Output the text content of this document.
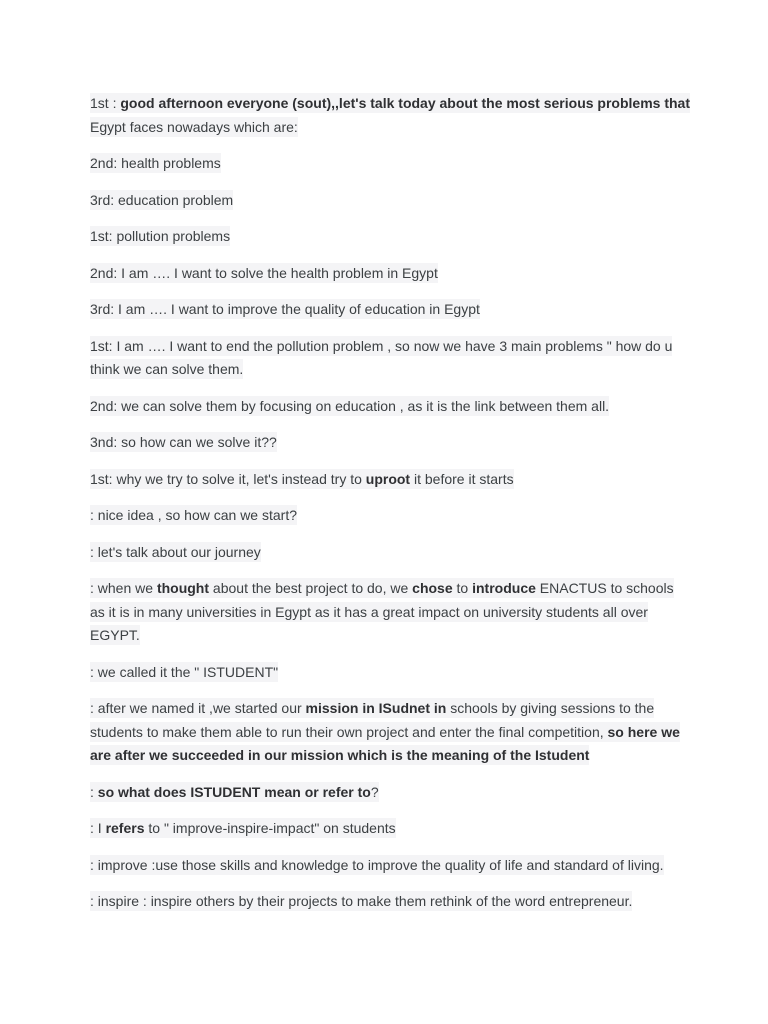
1st : good afternoon everyone (sout),,let's talk today about the most serious problems that Egypt faces nowadays which are:

2nd: health problems

3rd: education problem

1st: pollution problems

2nd: I am …. I want to solve the health problem in Egypt

3rd: I am …. I want to improve the quality of education in Egypt

1st: I am …. I want to end the pollution problem , so now we have 3 main problems " how do u think we can solve them.

2nd: we can solve them by focusing on education , as it is the link between them all.

3nd: so how can we solve it??

1st: why we try to solve it, let's instead try to uproot it before it starts

: nice idea , so how can we start?

: let's talk about our journey

: when we thought about the best project to do, we chose to introduce ENACTUS to schools as it is in many universities in Egypt as it has a great impact on university students all over EGYPT.

: we called it the " ISTUDENT"

: after we named it ,we started our mission in ISudnet in schools by giving sessions to the students to make them able to run their own project and enter the final competition, so here we are after we succeeded in our mission which is the meaning of the Istudent

: so what does ISTUDENT mean or refer to?

: I refers to " improve-inspire-impact" on students

: improve :use those skills and knowledge to improve the quality of life and standard of living.

: inspire : inspire others by their projects to make them rethink of the word entrepreneur.
